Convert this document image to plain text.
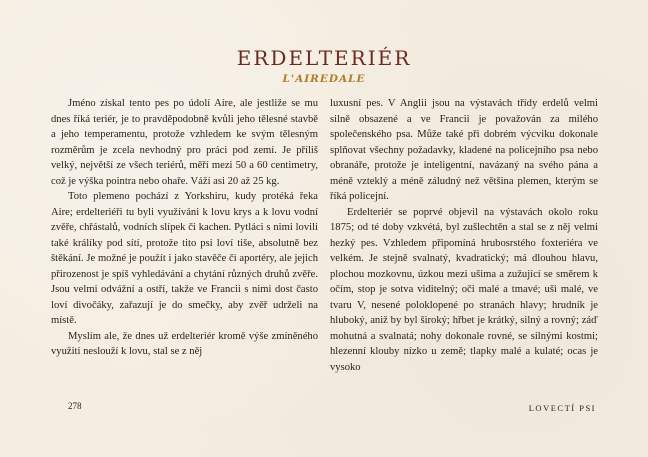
ERDELTERIÉR
L'AIREDALE

Jméno získal tento pes po údolí Aire, ale jestliže se mu dnes říká teriér, je to pravděpodobně kvůli jeho tělesné stavbě a jeho temperamentu, protože vzhledem ke svým tělesným rozměrům je zcela nevhodný pro práci pod zemí. Je příliš velký, největší ze všech teriérů, měří mezi 50 a 60 centimetry, což je výška pointra nebo ohaře. Váží asi 20 až 25 kg.

Toto plemeno pochází z Yorkshiru, kudy protéká řeka Aire; erdelteriéři tu byli využíváni k lovu krys a k lovu vodní zvěře, chřástalů, vodních slípek či kachen. Pytláci s nimi lovili také králíky pod sítí, protože tito psi loví tiše, absolutně bez štěkání. Je možné je použít i jako stavěče či aportéry, ale jejich přirozenost je spíš vyhledávání a chytání různých druhů zvěře. Jsou velmi odvážní a ostří, takže ve Francii s nimi dost často loví divočáky, zařazují je do smečky, aby zvěř udrželi na místě.

Myslím ale, že dnes už erdelteriér kromě výše zmíněného využití neslouží k lovu, stal se z něj

luxusní pes. V Anglii jsou na výstavách třídy erdelů velmi silně obsazené a ve Francii je považován za milého společenského psa. Může také při dobrém výcviku dokonale splňovat všechny požadavky, kladené na policejního psa nebo obranáře, protože je inteligentní, navázaný na svého pána a méně vzteklý a méně záludný než většina plemen, kterým se říká policejní.

Erdelteriér se poprvé objevil na výstavách okolo roku 1875; od té doby vzkvétá, byl zušlechtěn a stal se z něj velmi hezký pes. Vzhledem připomíná hrubosrstého foxteriéra ve velkém. Je stejně svalnatý, kvadratický; má dlouhou hlavu, plochou mozkovnu, úzkou mezi ušima a zužující se směrem k očím, stop je sotva viditelný; oči malé a tmavé; uši malé, ve tvaru V, nesené poloklopené po stranách hlavy; hrudník je hluboký, aniž by byl široký; hřbet je krátký, silný a rovný; záď mohutná a svalnatá; nohy dokonale rovné, se silnými kostmi; hlezenní klouby nízko u země; tlapky malé a kulaté; ocas je vysoko

278	LOVECTÍ PSI
